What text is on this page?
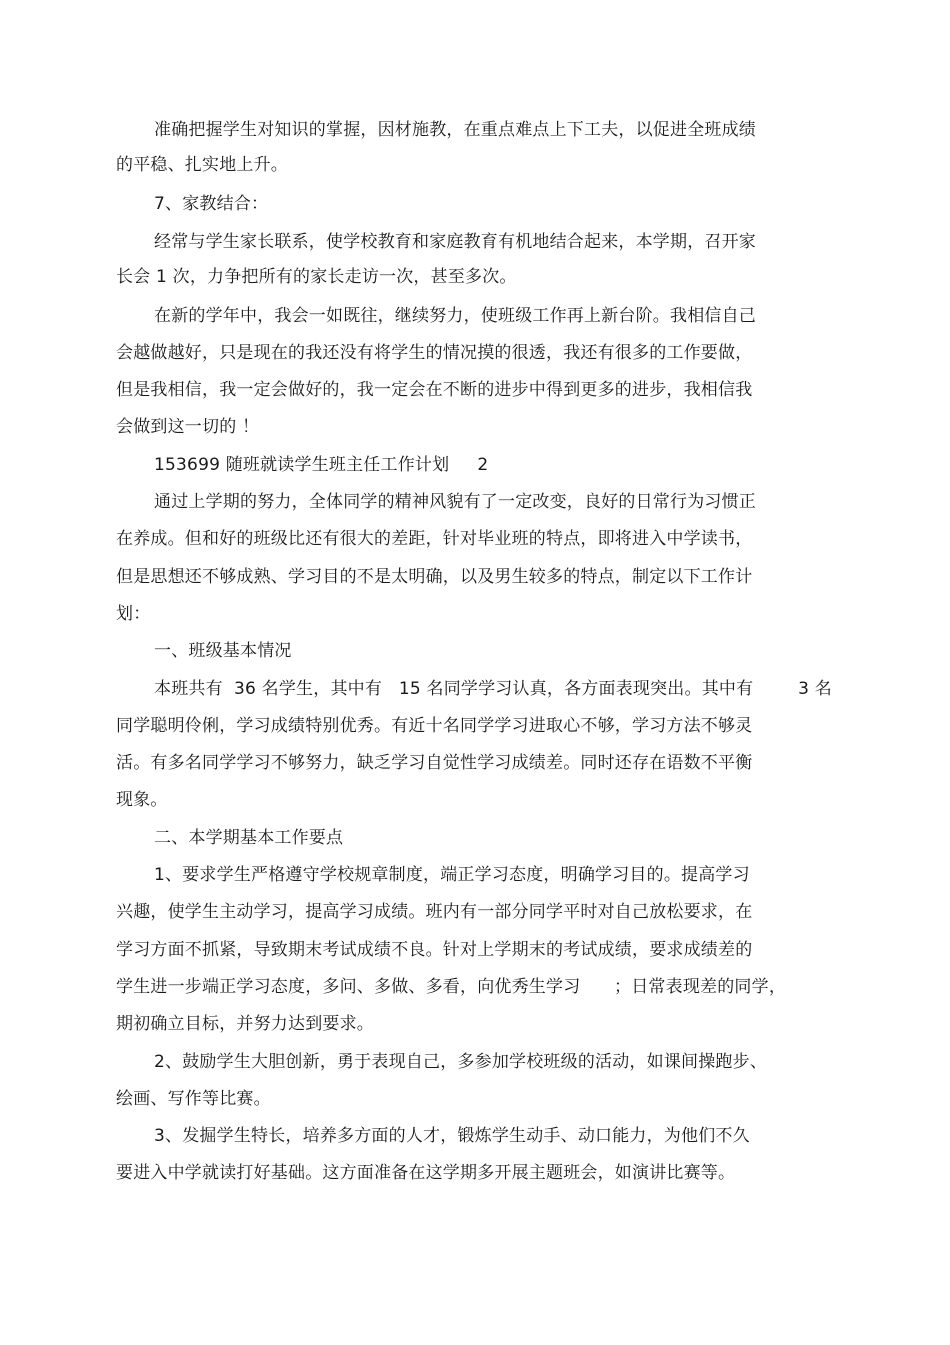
准确把握学生对知识的掌握，因材施教，在重点难点上下工夫，以促进全班成绩
的平稳、扎实地上升。
7、家教结合：
经常与学生家长联系，使学校教育和家庭教育有机地结合起来，本学期，召开家
长会 1 次，力争把所有的家长走访一次，甚至多次。
在新的学年中，我会一如既往，继续努力，使班级工作再上新台阶。我相信自己
会越做越好，只是现在的我还没有将学生的情况摸的很透，我还有很多的工作要做，
但是我相信，我一定会做好的，我一定会在不断的进步中得到更多的进步，我相信我
会做到这一切的 ！
153699 随班就读学生班主任工作计划     2
通过上学期的努力，全体同学的精神风貌有了一定改变，良好的日常行为习惯正
在养成。但和好的班级比还有很大的差距，针对毕业班的特点，即将进入中学读书，
但是思想还不够成熟、学习目的不是太明确，以及男生较多的特点，制定以下工作计
划：
一、班级基本情况
本班共有  36 名学生，其中有   15 名同学学习认真，各方面表现突出。其中有        3 名
同学聪明伶俐，学习成绩特别优秀。有近十名同学学习进取心不够，学习方法不够灵
活。有多名同学学习不够努力，缺乏学习自觉性学习成绩差。同时还存在语数不平衡
现象。
二、本学期基本工作要点
1、要求学生严格遵守学校规章制度，端正学习态度，明确学习目的。提高学习
兴趣，使学生主动学习，提高学习成绩。班内有一部分同学平时对自己放松要求，在
学习方面不抓紧，导致期末考试成绩不良。针对上学期末的考试成绩，要求成绩差的
学生进一步端正学习态度，多问、多做、多看，向优秀生学习      ；日常表现差的同学，
期初确立目标，并努力达到要求。
2、鼓励学生大胆创新，勇于表现自己，多参加学校班级的活动，如课间操跑步、
绘画、写作等比赛。
3、发掘学生特长，培养多方面的人才，锻炼学生动手、动口能力，为他们不久
要进入中学就读打好基础。这方面准备在这学期多开展主题班会，如演讲比赛等。
